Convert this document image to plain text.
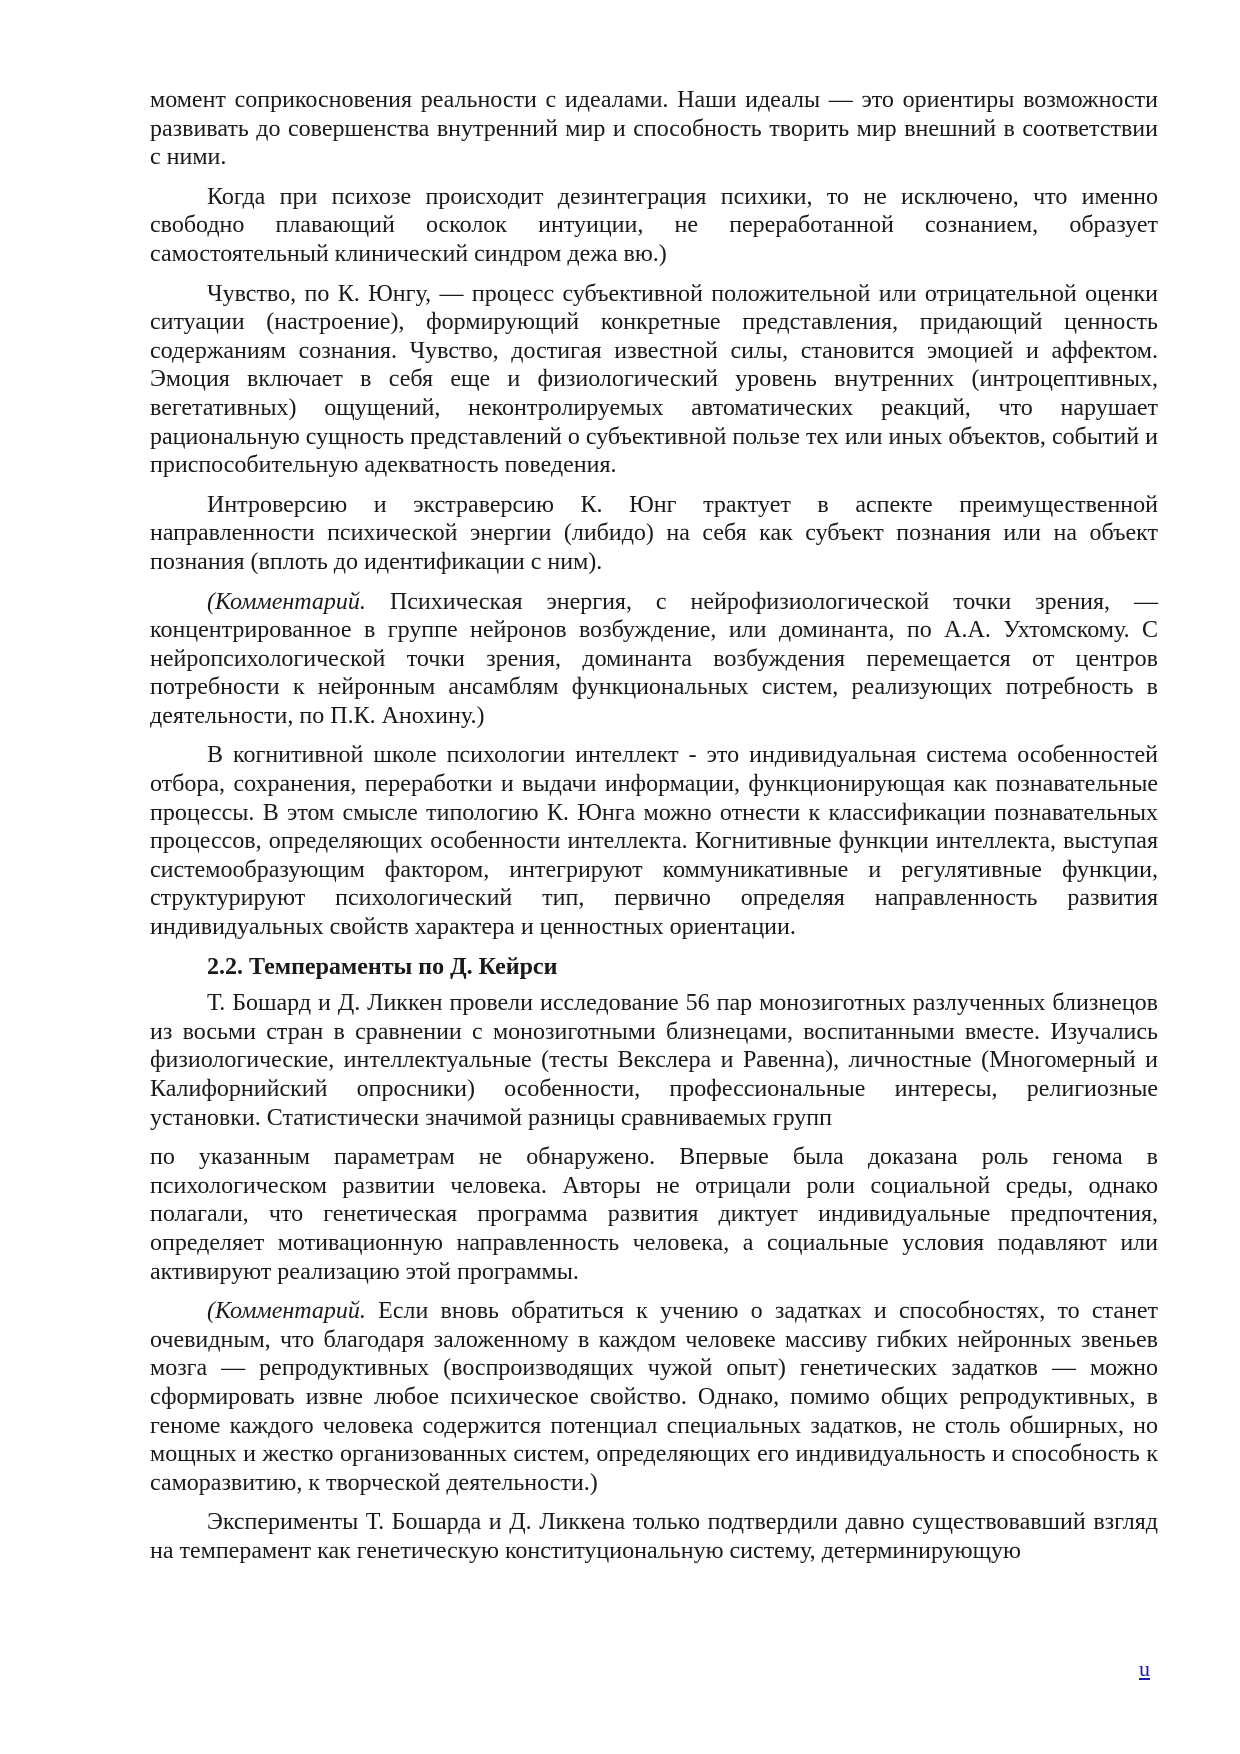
момент соприкосновения реальности с идеалами. Наши идеалы — это ориентиры возможности развивать до совершенства внутренний мир и способность творить мир внешний в соответствии с ними.

Когда при психозе происходит дезинтеграция психики, то не исключено, что именно свободно плавающий осколок интуиции, не переработанной сознанием, образует самостоятельный клинический синдром дежа вю.)

Чувство, по К. Юнгу, — процесс субъективной положительной или отрицательной оценки ситуации (настроение), формирующий конкретные представления, придающий ценность содержаниям сознания. Чувство, достигая известной силы, становится эмоцией и аффектом. Эмоция включает в себя еще и физиологический уровень внутренних (интроцептивных, вегетативных) ощущений, неконтролируемых автоматических реакций, что нарушает рациональную сущность представлений о субъективной пользе тех или иных объектов, событий и приспособительную адекватность поведения.

Интроверсию и экстраверсию К. Юнг трактует в аспекте преимущественной направленности психической энергии (либидо) на себя как субъект познания или на объект познания (вплоть до идентификации с ним).

(Комментарий. Психическая энергия, с нейрофизиологической точки зрения, — концентрированное в группе нейронов возбуждение, или доминанта, по А.А. Ухтомскому. С нейропсихологической точки зрения, доминанта возбуждения перемещается от центров потребности к нейронным ансамблям функциональных систем, реализующих потребность в деятельности, по П.К. Анохину.)

В когнитивной школе психологии интеллект - это индивидуальная система особенностей отбора, сохранения, переработки и выдачи информации, функционирующая как познавательные процессы. В этом смысле типологию К. Юнга можно отнести к классификации познавательных процессов, определяющих особенности интеллекта. Когнитивные функции интеллекта, выступая системообразующим фактором, интегрируют коммуникативные и регулятивные функции, структурируют психологический тип, первично определяя направленность развития индивидуальных свойств характера и ценностных ориентации.

2.2. Темпераменты по Д. Кейрси

Т. Бошард и Д. Ликкен провели исследование 56 пар монозиготных разлученных близнецов из восьми стран в сравнении с монозиготными близнецами, воспитанными вместе. Изучались физиологические, интеллектуальные (тесты Векслера и Равенна), личностные (Многомерный и Калифорнийский опросники) особенности, профессиональные интересы, религиозные установки. Статистически значимой разницы сравниваемых групп

по указанным параметрам не обнаружено. Впервые была доказана роль генома в психологическом развитии человека. Авторы не отрицали роли социальной среды, однако полагали, что генетическая программа развития диктует индивидуальные предпочтения, определяет мотивационную направленность человека, а социальные условия подавляют или активируют реализацию этой программы.

(Комментарий. Если вновь обратиться к учению о задатках и способностях, то станет очевидным, что благодаря заложенному в каждом человеке массиву гибких нейронных звеньев мозга — репродуктивных (воспроизводящих чужой опыт) генетических задатков — можно сформировать извне любое психическое свойство. Однако, помимо общих репродуктивных, в геноме каждого человека содержится потенциал специальных задатков, не столь обширных, но мощных и жестко организованных систем, определяющих его индивидуальность и способность к саморазвитию, к творческой деятельности.)

Эксперименты Т. Бошарда и Д. Ликкена только подтвердили давно существовавший взгляд на темперамент как генетическую конституциональную систему, детерминирующую

u
